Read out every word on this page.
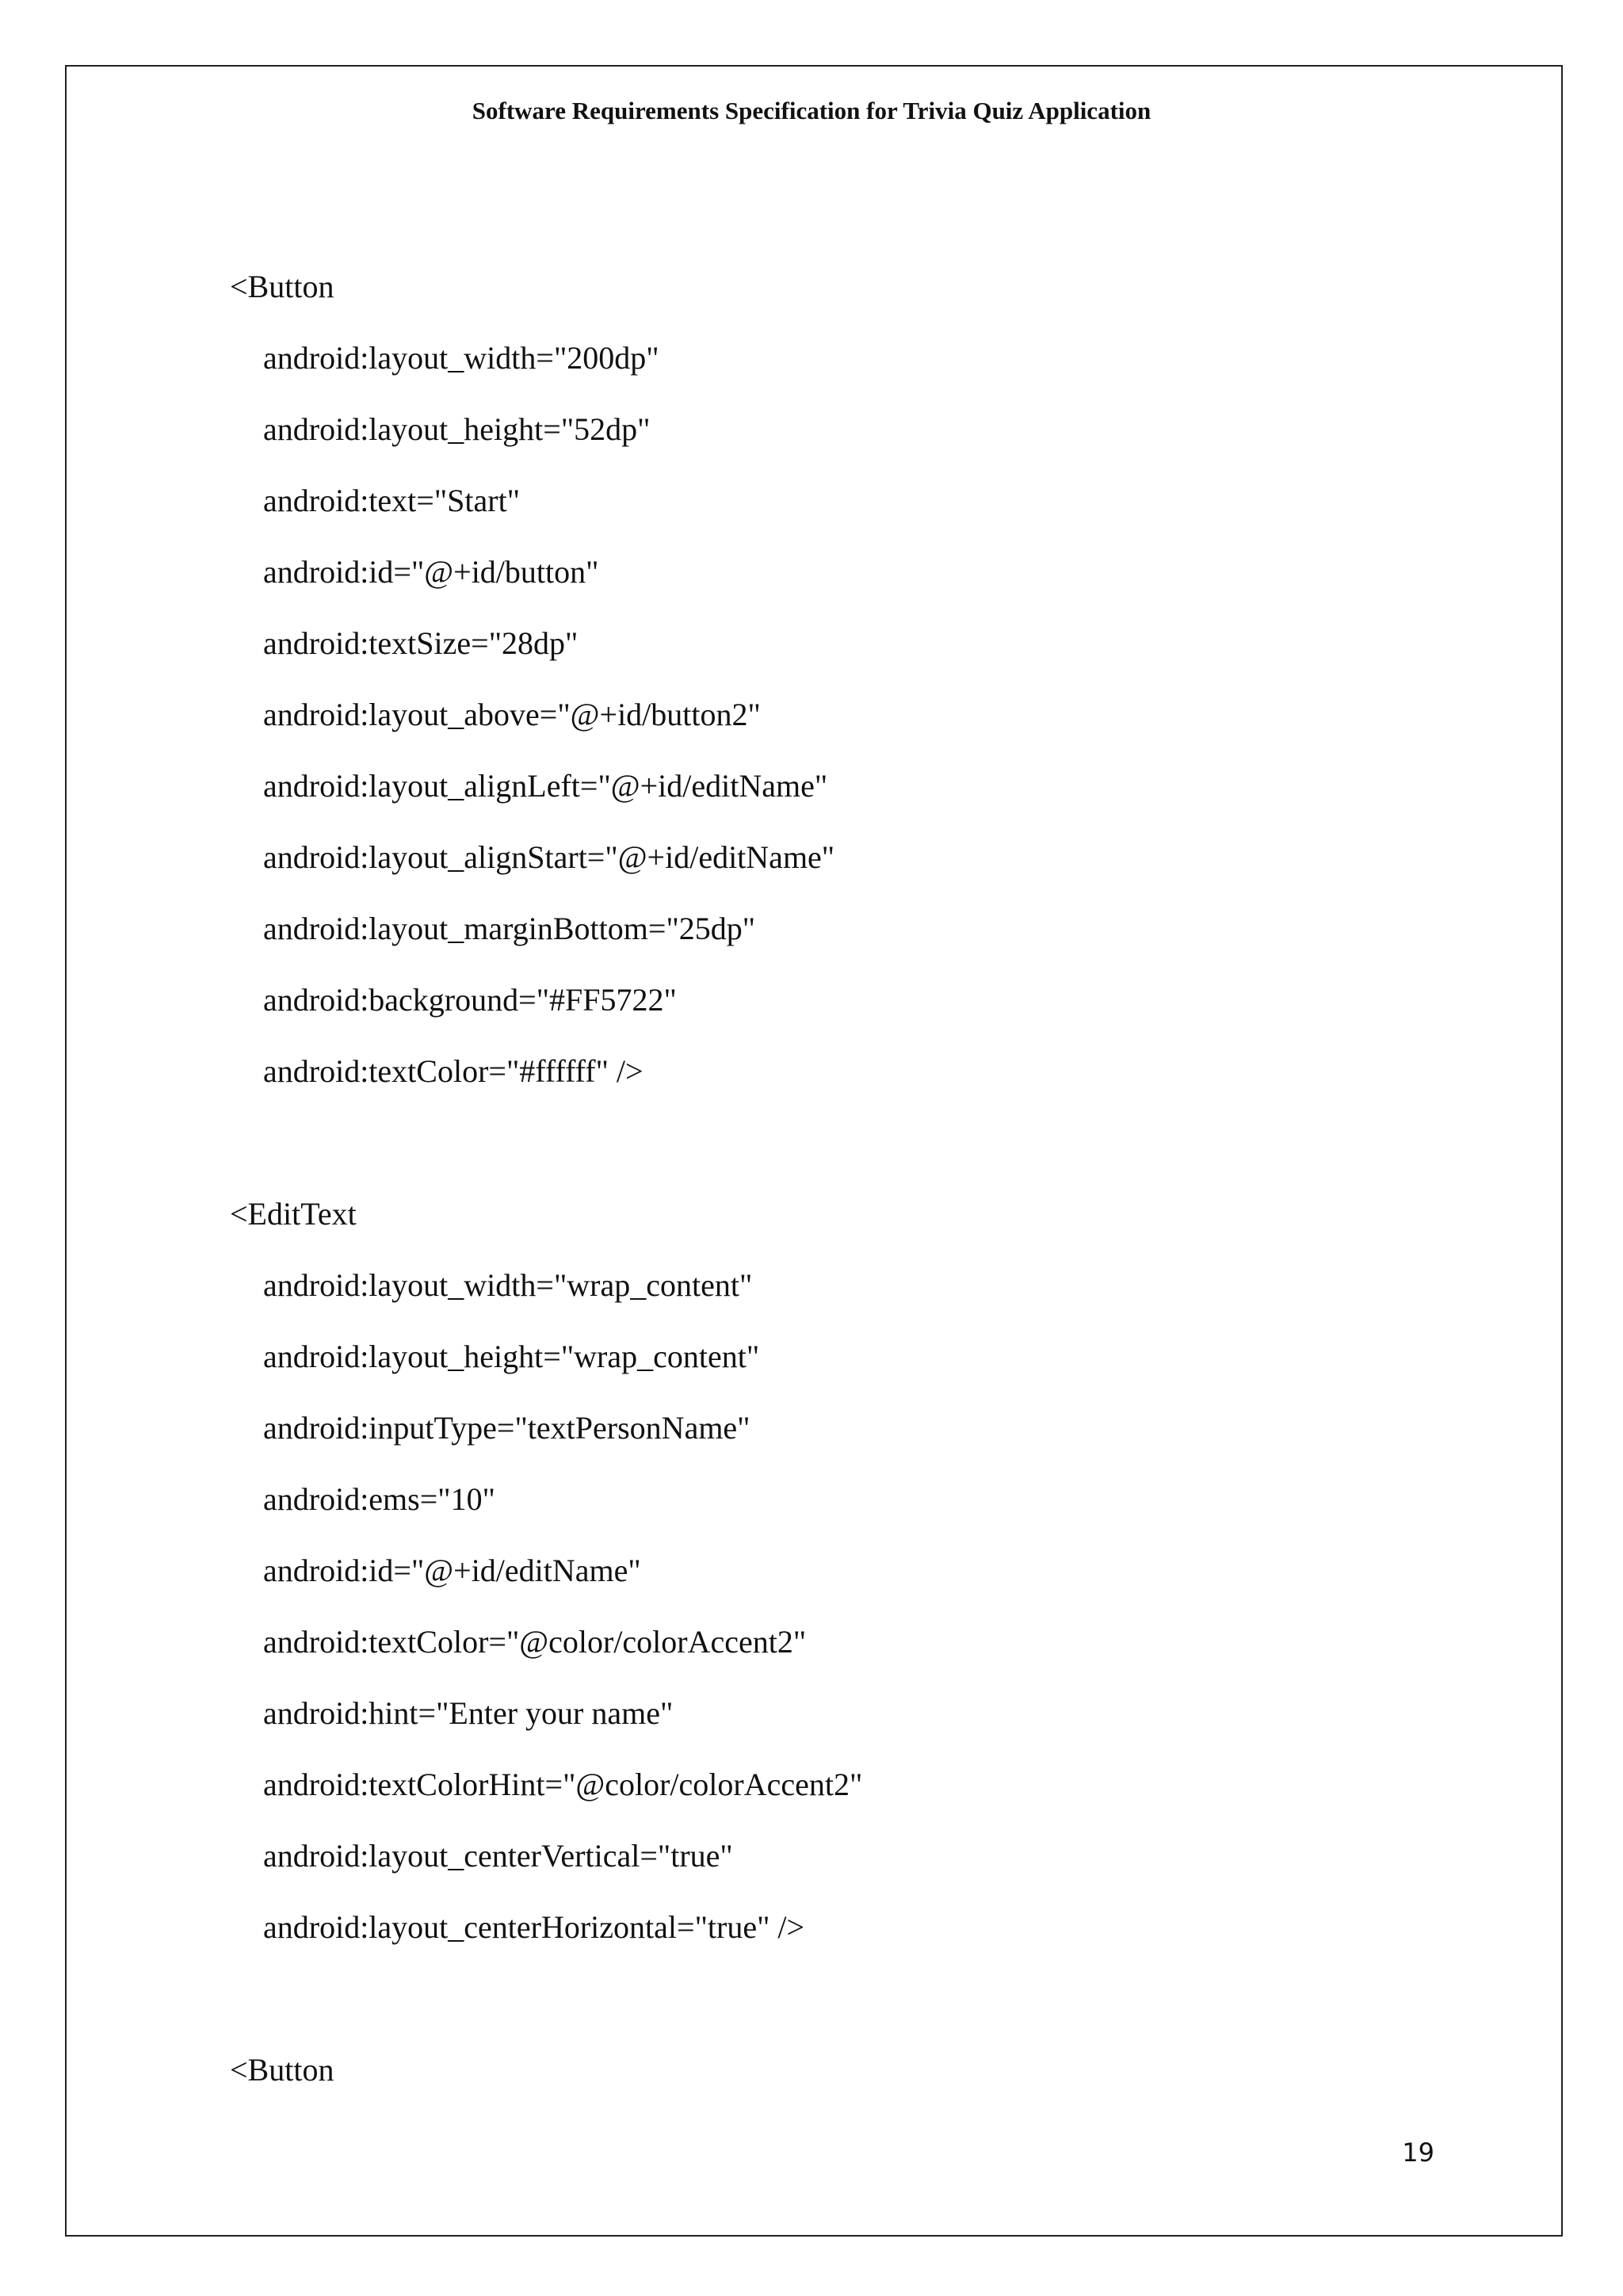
Software Requirements Specification for Trivia Quiz Application
<Button
android:layout_width="200dp"
android:layout_height="52dp"
android:text="Start"
android:id="@+id/button"
android:textSize="28dp"
android:layout_above="@+id/button2"
android:layout_alignLeft="@+id/editName"
android:layout_alignStart="@+id/editName"
android:layout_marginBottom="25dp"
android:background="#FF5722"
android:textColor="#ffffff" />
<EditText
android:layout_width="wrap_content"
android:layout_height="wrap_content"
android:inputType="textPersonName"
android:ems="10"
android:id="@+id/editName"
android:textColor="@color/colorAccent2"
android:hint="Enter your name"
android:textColorHint="@color/colorAccent2"
android:layout_centerVertical="true"
android:layout_centerHorizontal="true" />
<Button
19
